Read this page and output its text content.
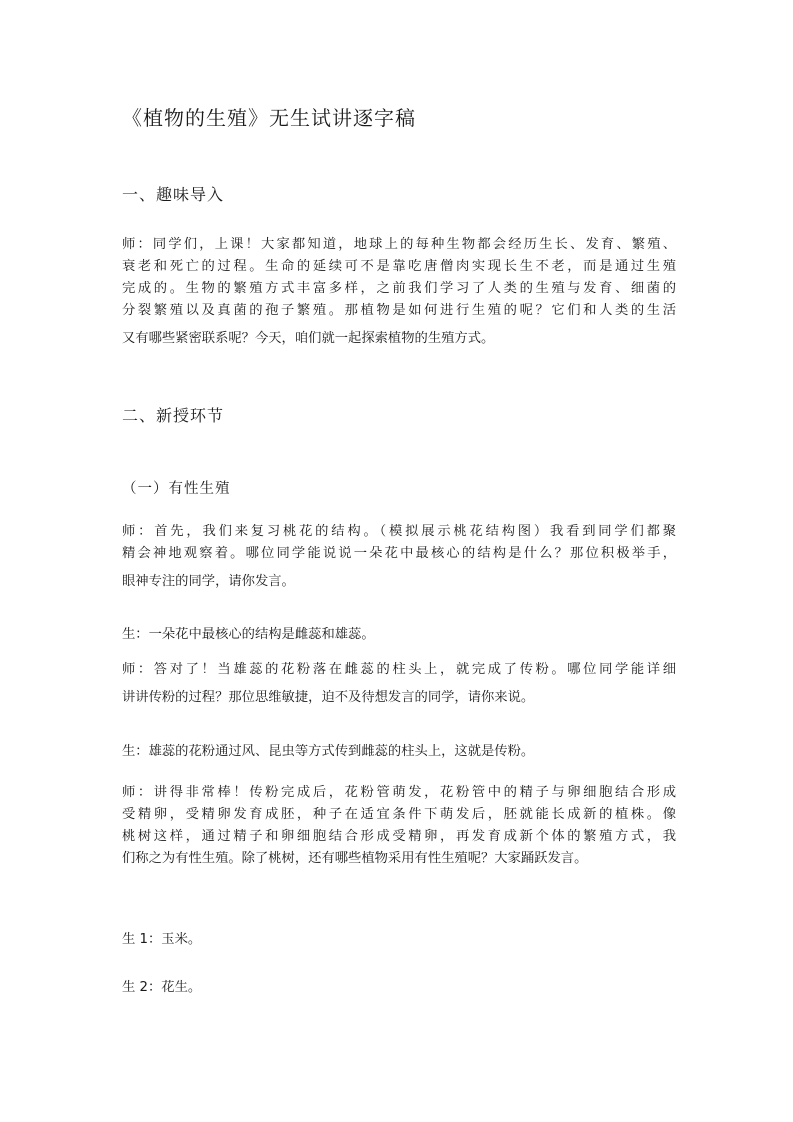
《植物的生殖》无生试讲逐字稿
一、趣味导入
师：同学们，上课！大家都知道，地球上的每种生物都会经历生长、发育、繁殖、
衰老和死亡的过程。生命的延续可不是靠吃唐僧肉实现长生不老，而是通过生殖
完成的。生物的繁殖方式丰富多样，之前我们学习了人类的生殖与发育、细菌的
分裂繁殖以及真菌的孢子繁殖。那植物是如何进行生殖的呢？它们和人类的生活
又有哪些紧密联系呢？今天，咱们就一起探索植物的生殖方式。
二、新授环节
（一）有性生殖
师：首先，我们来复习桃花的结构。（模拟展示桃花结构图）我看到同学们都聚
精会神地观察着。哪位同学能说说一朵花中最核心的结构是什么？那位积极举手，
眼神专注的同学，请你发言。

生：一朵花中最核心的结构是雌蕊和雄蕊。

师：答对了！当雄蕊的花粉落在雌蕊的柱头上，就完成了传粉。哪位同学能详细
讲讲传粉的过程？那位思维敏捷，迫不及待想发言的同学，请你来说。

生：雄蕊的花粉通过风、昆虫等方式传到雌蕊的柱头上，这就是传粉。

师：讲得非常棒！传粉完成后，花粉管萌发，花粉管中的精子与卵细胞结合形成
受精卵，受精卵发育成胚，种子在适宜条件下萌发后，胚就能长成新的植株。像
桃树这样，通过精子和卵细胞结合形成受精卵，再发育成新个体的繁殖方式，我
们称之为有性生殖。除了桃树，还有哪些植物采用有性生殖呢？大家踊跃发言。

生 1：玉米。

生 2：花生。
